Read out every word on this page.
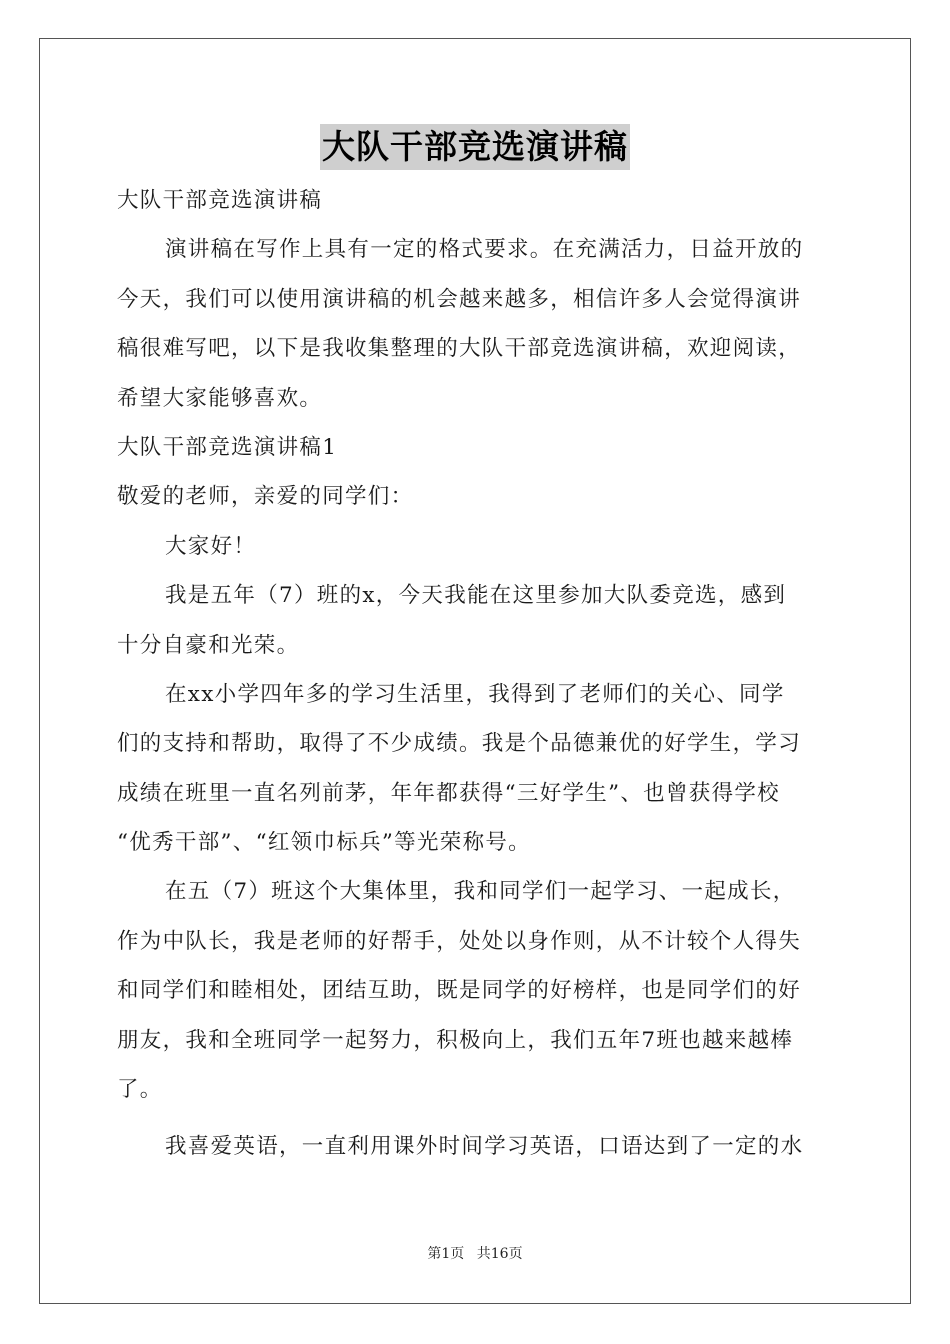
大队干部竞选演讲稿
大队干部竞选演讲稿
演讲稿在写作上具有一定的格式要求。在充满活力，日益开放的
今天，我们可以使用演讲稿的机会越来越多，相信许多人会觉得演讲
稿很难写吧，以下是我收集整理的大队干部竞选演讲稿，欢迎阅读，
希望大家能够喜欢。
大队干部竞选演讲稿1
敬爱的老师，亲爱的同学们：
大家好！
我是五年（7）班的x，今天我能在这里参加大队委竞选，感到
十分自豪和光荣。
在xx小学四年多的学习生活里，我得到了老师们的关心、同学
们的支持和帮助，取得了不少成绩。我是个品德兼优的好学生，学习
成绩在班里一直名列前茅，年年都获得“三好学生”、也曾获得学校
“优秀干部”、“红领巾标兵”等光荣称号。
在五（7）班这个大集体里，我和同学们一起学习、一起成长，
作为中队长，我是老师的好帮手，处处以身作则，从不计较个人得失
和同学们和睦相处，团结互助，既是同学的好榜样，也是同学们的好
朋友，我和全班同学一起努力，积极向上，我们五年7班也越来越棒
了。
我喜爱英语，一直利用课外时间学习英语，口语达到了一定的水
第1页 共16页
